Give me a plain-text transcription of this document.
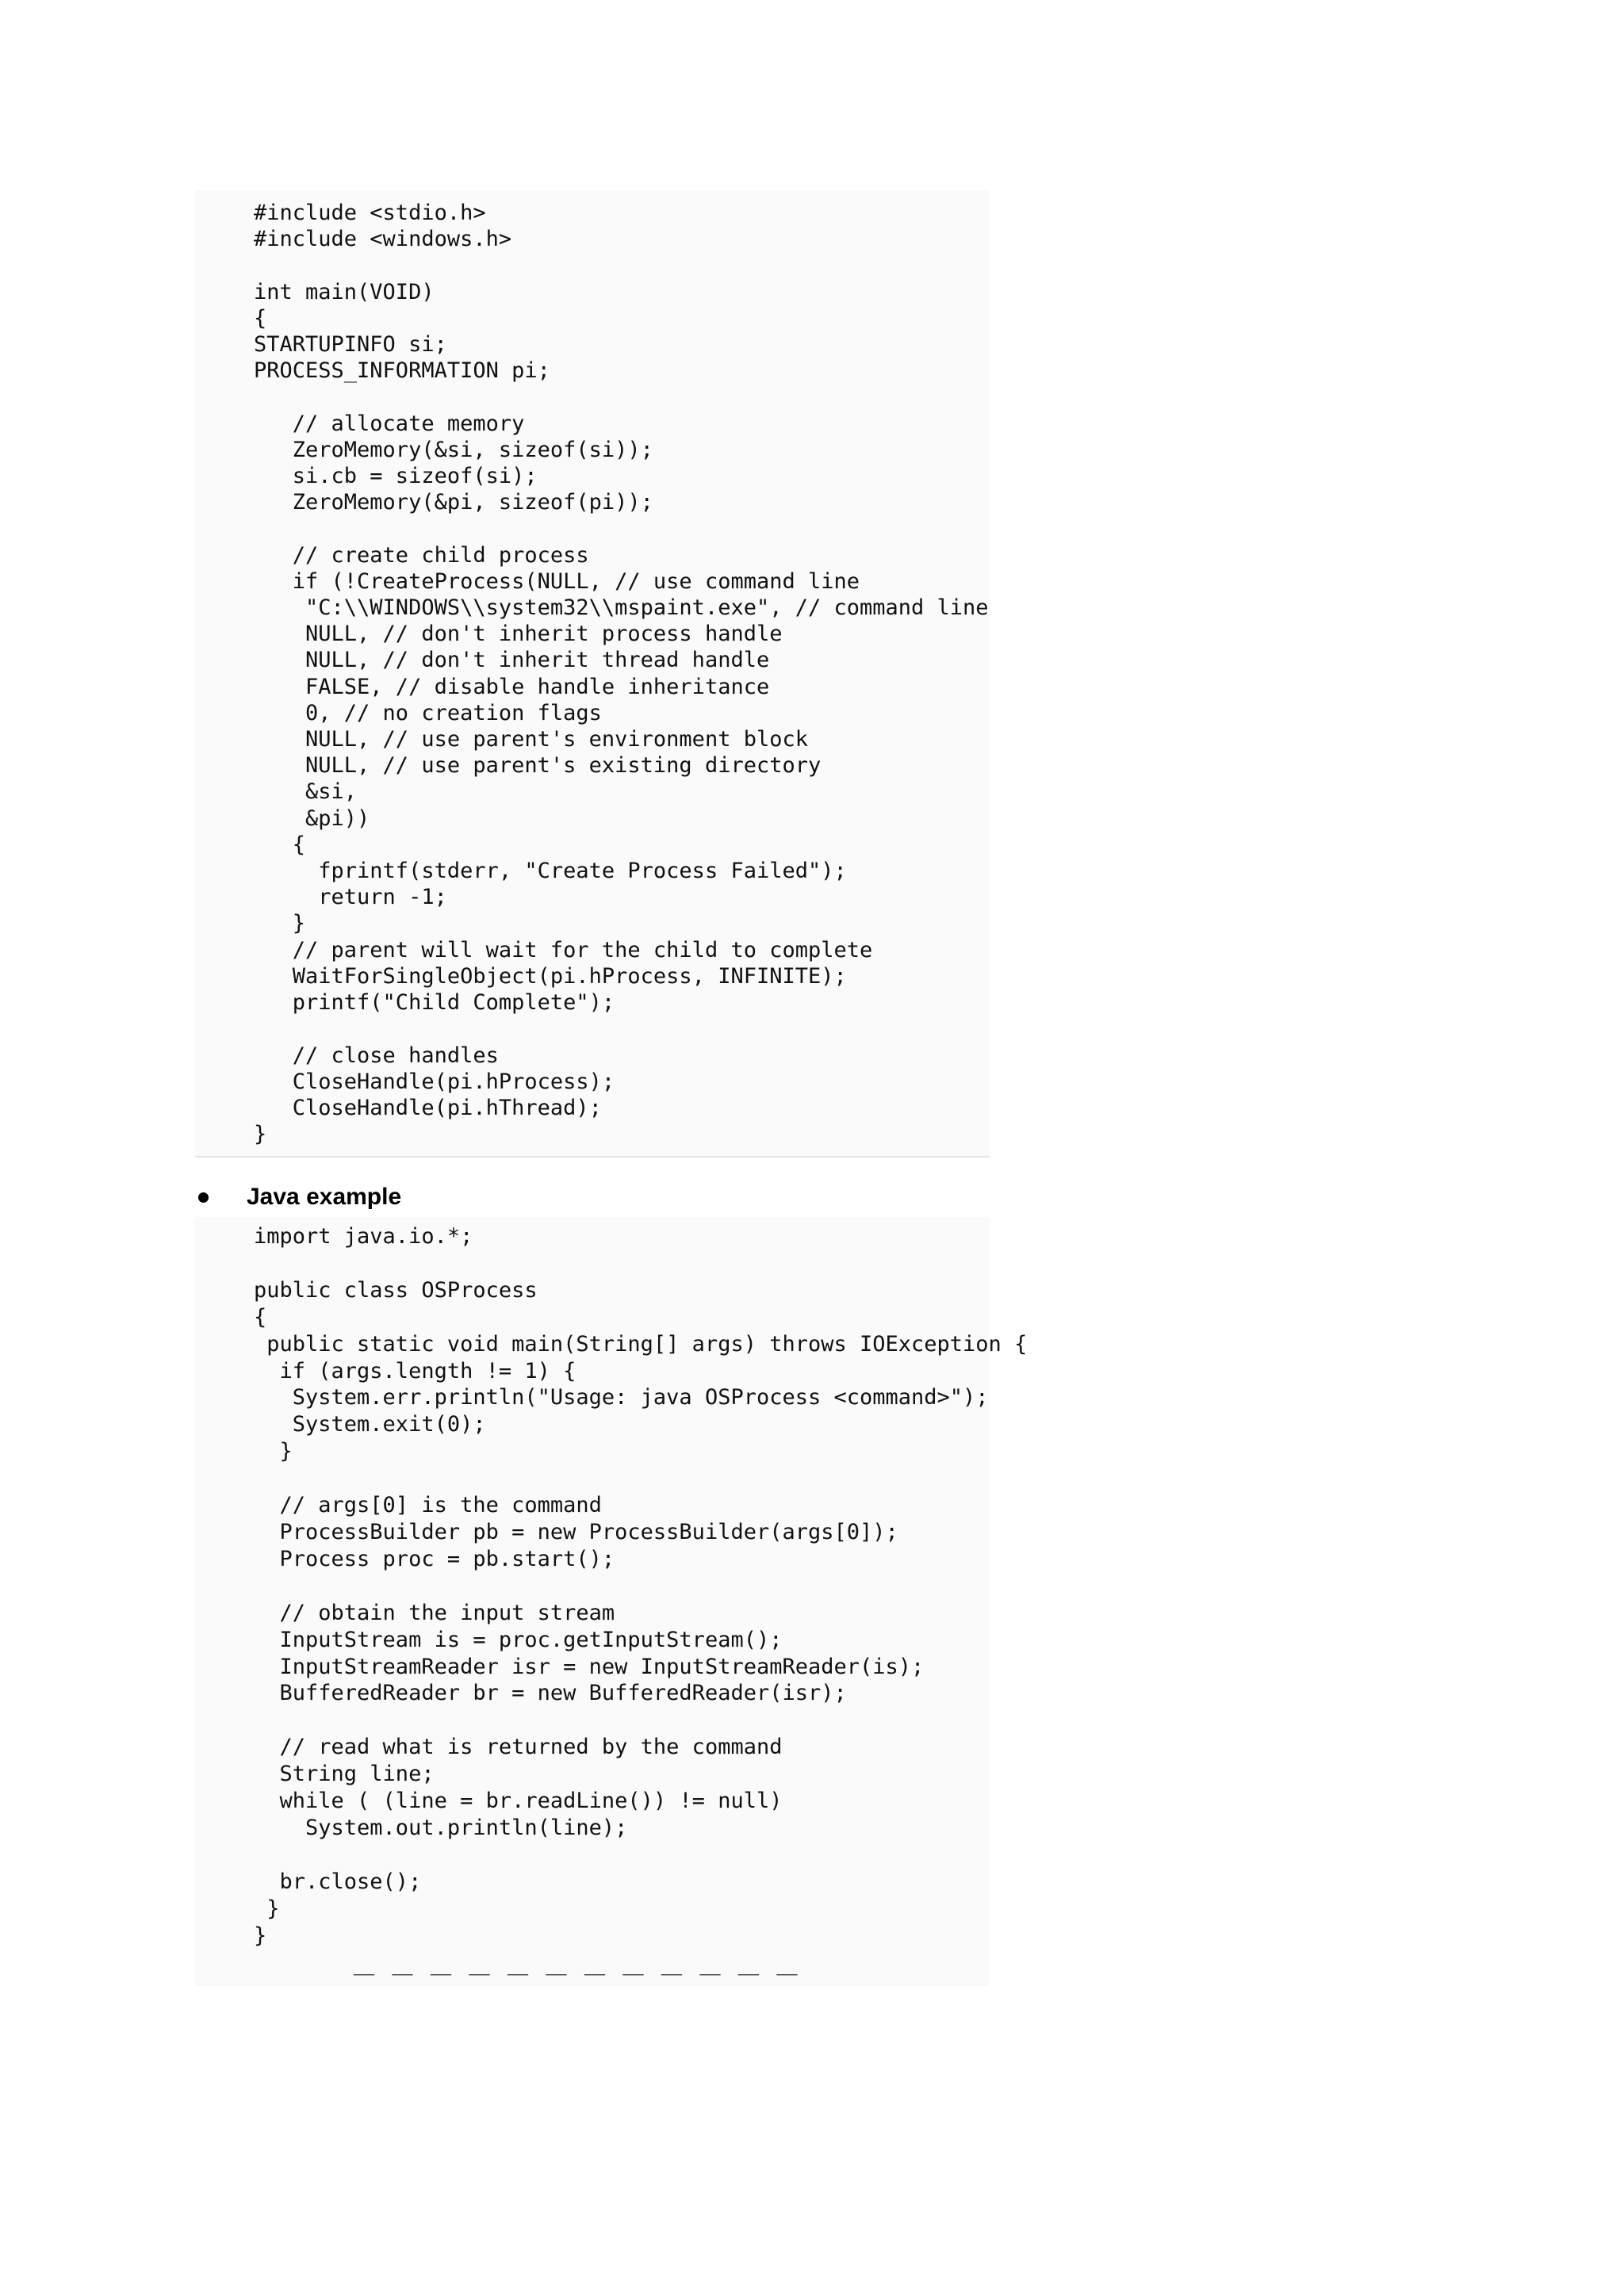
#include <stdio.h>
#include <windows.h>

int main(VOID)
{
STARTUPINFO si;
PROCESS_INFORMATION pi;

// allocate memory
ZeroMemory(&si, sizeof(si));
si.cb = sizeof(si);
ZeroMemory(&pi, sizeof(pi));

// create child process
if (!CreateProcess(NULL, // use command line
"C:\\WINDOWS\\system32\\mspaint.exe", // command line
NULL, // don't inherit process handle
NULL, // don't inherit thread handle
FALSE, // disable handle inheritance
0, // no creation flags
NULL, // use parent's environment block
NULL, // use parent's existing directory
&si,
&pi))
{
fprintf(stderr, "Create Process Failed");
return -1;
}
// parent will wait for the child to complete
WaitForSingleObject(pi.hProcess, INFINITE);
printf("Child Complete");

// close handles
CloseHandle(pi.hProcess);
CloseHandle(pi.hThread);
}
Java example
import java.io.*;

public class OSProcess
{
public static void main(String[] args) throws IOException {
if (args.length != 1) {
System.err.println("Usage: java OSProcess <command>");
System.exit(0);
}

// args[0] is the command
ProcessBuilder pb = new ProcessBuilder(args[0]);
Process proc = pb.start();

// obtain the input stream
InputStream is = proc.getInputStream();
InputStreamReader isr = new InputStreamReader(is);
BufferedReader br = new BufferedReader(isr);

// read what is returned by the command
String line;
while ( (line = br.readLine()) != null)
System.out.println(line);

br.close();
}
}
— — — — — — — — — — — —
